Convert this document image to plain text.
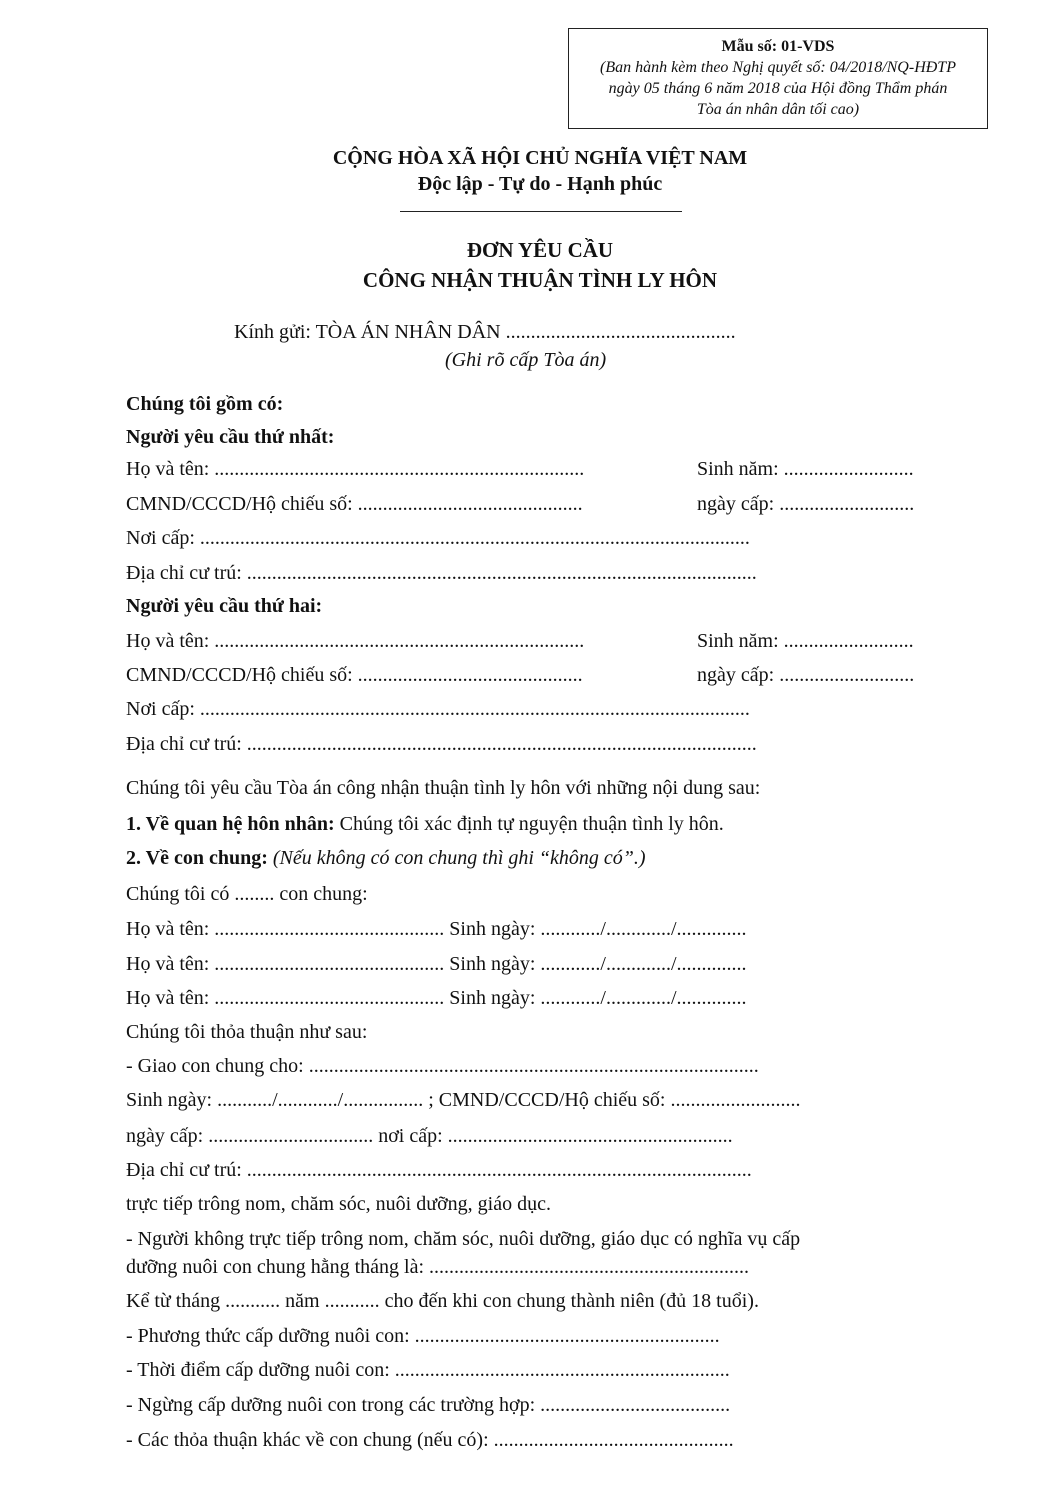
Mẫu số: 01-VDS
(Ban hành kèm theo Nghị quyết số: 04/2018/NQ-HĐTP
ngày 05 tháng 6 năm 2018 của Hội đồng Thẩm phán
Tòa án nhân dân tối cao)
CỘNG HÒA XÃ HỘI CHỦ NGHĨA VIỆT NAM
Độc lập - Tự do - Hạnh phúc
ĐƠN YÊU CẦU
CÔNG NHẬN THUẬN TÌNH LY HÔN
Kính gửi: TÒA ÁN NHÂN DÂN ..............................................
(Ghi rõ cấp Tòa án)
Chúng tôi gồm có:
Người yêu cầu thứ nhất:
Họ và tên: ..........................................................................	Sinh năm: ..........................
CMND/CCCD/Hộ chiếu số: .............................................	ngày cấp: ...........................
Nơi cấp: ..............................................................................................................
Địa chỉ cư trú: ......................................................................................................
Người yêu cầu thứ hai:
Họ và tên: ..........................................................................	Sinh năm: ..........................
CMND/CCCD/Hộ chiếu số: .............................................	ngày cấp: ...........................
Nơi cấp: ..............................................................................................................
Địa chỉ cư trú: ......................................................................................................
Chúng tôi yêu cầu Tòa án công nhận thuận tình ly hôn với những nội dung sau:
1. Về quan hệ hôn nhân: Chúng tôi xác định tự nguyện thuận tình ly hôn.
2. Về con chung: (Nếu không có con chung thì ghi “không có”.)
Chúng tôi có ........ con chung:
Họ và tên: .............................................. Sinh ngày: ............/............./..............
Họ và tên: .............................................. Sinh ngày: ............/............./..............
Họ và tên: .............................................. Sinh ngày: ............/............./..............
Chúng tôi thỏa thuận như sau:
- Giao con chung cho: ..........................................................................................
Sinh ngày: .........../............/................ ; CMND/CCCD/Hộ chiếu số: ..........................
ngày cấp: ................................. nơi cấp: .........................................................
Địa chỉ cư trú: .....................................................................................................
trực tiếp trông nom, chăm sóc, nuôi dưỡng, giáo dục.
- Người không trực tiếp trông nom, chăm sóc, nuôi dưỡng, giáo dục có nghĩa vụ cấp
dưỡng nuôi con chung hằng tháng là: ................................................................
Kể từ tháng ........... năm ........... cho đến khi con chung thành niên (đủ 18 tuổi).
- Phương thức cấp dưỡng nuôi con: .............................................................
- Thời điểm cấp dưỡng nuôi con: ...................................................................
- Ngừng cấp dưỡng nuôi con trong các trường hợp: ......................................
- Các thỏa thuận khác về con chung (nếu có): ................................................
